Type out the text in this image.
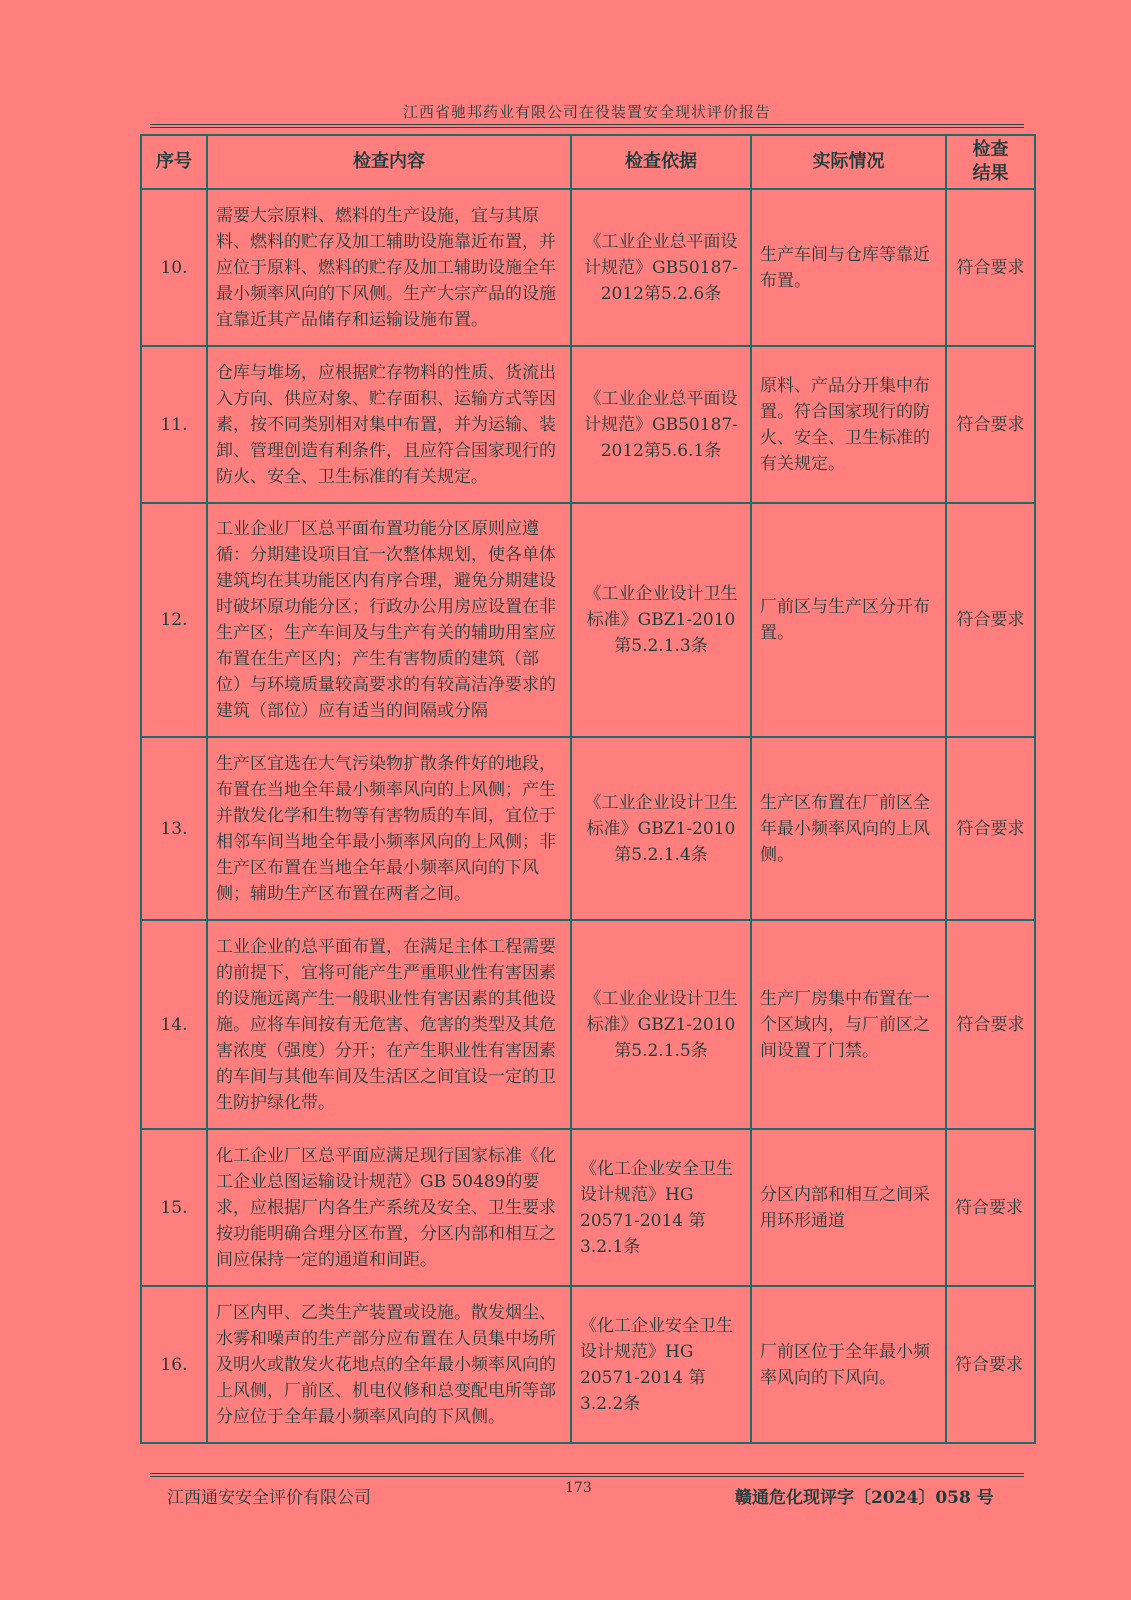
江西省驰邦药业有限公司在役装置安全现状评价报告
序号	检查内容	检查依据	实际情况	检查
结果

10.	需要大宗原料、燃料的生产设施，宜与其原料、燃料的贮存及加工辅助设施靠近布置，并应位于原料、燃料的贮存及加工辅助设施全年最小频率风向的下风侧。生产大宗产品的设施宜靠近其产品储存和运输设施布置。	《工业企业总平面设计规范》GB50187-2012第5.2.6条	生产车间与仓库等靠近布置。	符合要求
11.	仓库与堆场，应根据贮存物料的性质、货流出入方向、供应对象、贮存面积、运输方式等因素，按不同类别相对集中布置，并为运输、装卸、管理创造有利条件，且应符合国家现行的防火、安全、卫生标准的有关规定。	《工业企业总平面设计规范》GB50187-2012第5.6.1条	原料、产品分开集中布置。符合国家现行的防火、安全、卫生标准的有关规定。	符合要求
12.	工业企业厂区总平面布置功能分区原则应遵循：分期建设项目宜一次整体规划，使各单体建筑均在其功能区内有序合理，避免分期建设时破坏原功能分区；行政办公用房应设置在非生产区；生产车间及与生产有关的辅助用室应布置在生产区内；产生有害物质的建筑（部位）与环境质量较高要求的有较高洁净要求的建筑（部位）应有适当的间隔或分隔	《工业企业设计卫生标准》GBZ1-2010第5.2.1.3条	厂前区与生产区分开布置。	符合要求
13.	生产区宜选在大气污染物扩散条件好的地段，布置在当地全年最小频率风向的上风侧；产生并散发化学和生物等有害物质的车间，宜位于相邻车间当地全年最小频率风向的上风侧；非生产区布置在当地全年最小频率风向的下风侧；辅助生产区布置在两者之间。	《工业企业设计卫生标准》GBZ1-2010第5.2.1.4条	生产区布置在厂前区全年最小频率风向的上风侧。	符合要求
14.	工业企业的总平面布置，在满足主体工程需要的前提下，宜将可能产生严重职业性有害因素的设施远离产生一般职业性有害因素的其他设施。应将车间按有无危害、危害的类型及其危害浓度（强度）分开；在产生职业性有害因素的车间与其他车间及生活区之间宜设一定的卫生防护绿化带。	《工业企业设计卫生标准》GBZ1-2010第5.2.1.5条	生产厂房集中布置在一个区域内，与厂前区之间设置了门禁。	符合要求
15.	化工企业厂区总平面应满足现行国家标准《化工企业总图运输设计规范》GB 50489的要求，应根据厂内各生产系统及安全、卫生要求按功能明确合理分区布置，分区内部和相互之间应保持一定的通道和间距。	《化工企业安全卫生设计规范》HG 20571-2014 第3.2.1条	分区内部和相互之间采用环形通道	符合要求
16.	厂区内甲、乙类生产装置或设施。散发烟尘、水雾和噪声的生产部分应布置在人员集中场所及明火或散发火花地点的全年最小频率风向的上风侧，厂前区、机电仪修和总变配电所等部分应位于全年最小频率风向的下风侧。	《化工企业安全卫生设计规范》HG 20571-2014 第3.2.2条	厂前区位于全年最小频率风向的下风向。	符合要求
江西通安安全评价有限公司	173	赣通危化现评字〔2024〕058 号
